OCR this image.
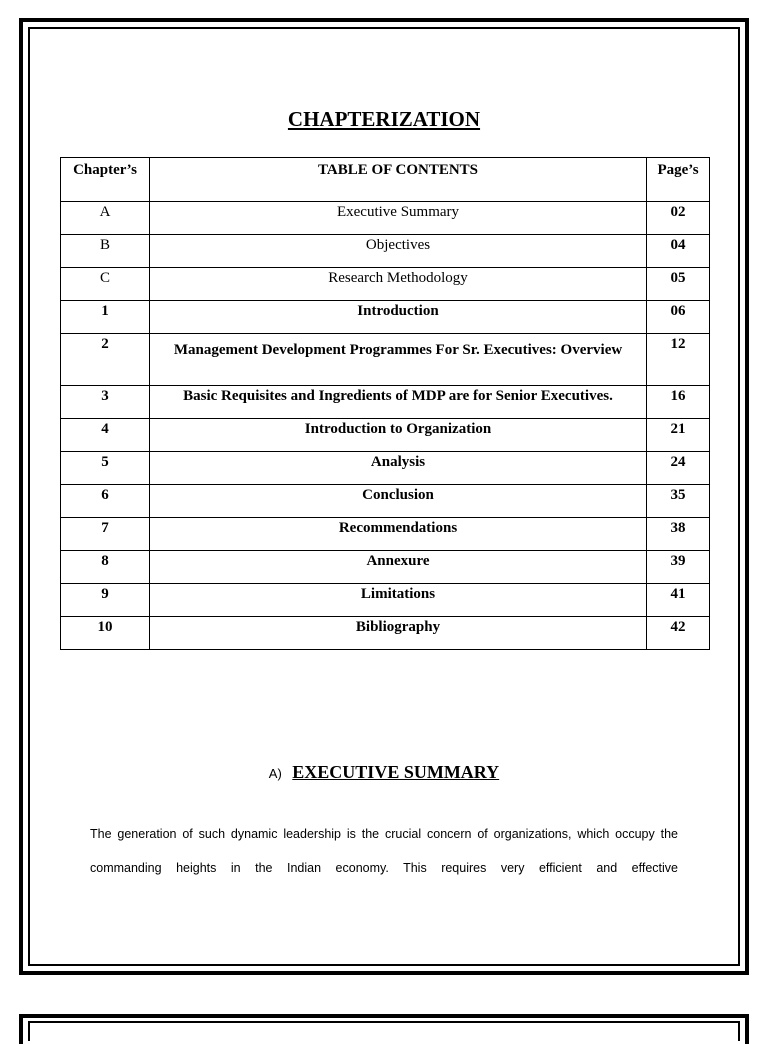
CHAPTERIZATION
Chapter’s	TABLE OF CONTENTS	Page’s
A	Executive Summary	02
B	Objectives	04
C	Research Methodology	05
1	Introduction	06
2	Management Development Programmes For Sr. Executives: Overview	12
3	Basic Requisites and Ingredients of MDP are for Senior Executives.	16
4	Introduction to Organization	21
5	Analysis	24
6	Conclusion	35
7	Recommendations	38
8	Annexure	39
9	Limitations	41
10	Bibliography	42
A) EXECUTIVE SUMMARY
The generation of such dynamic leadership is the crucial concern of organizations, which occupy the commanding heights in the Indian economy. This requires very efficient and effective
